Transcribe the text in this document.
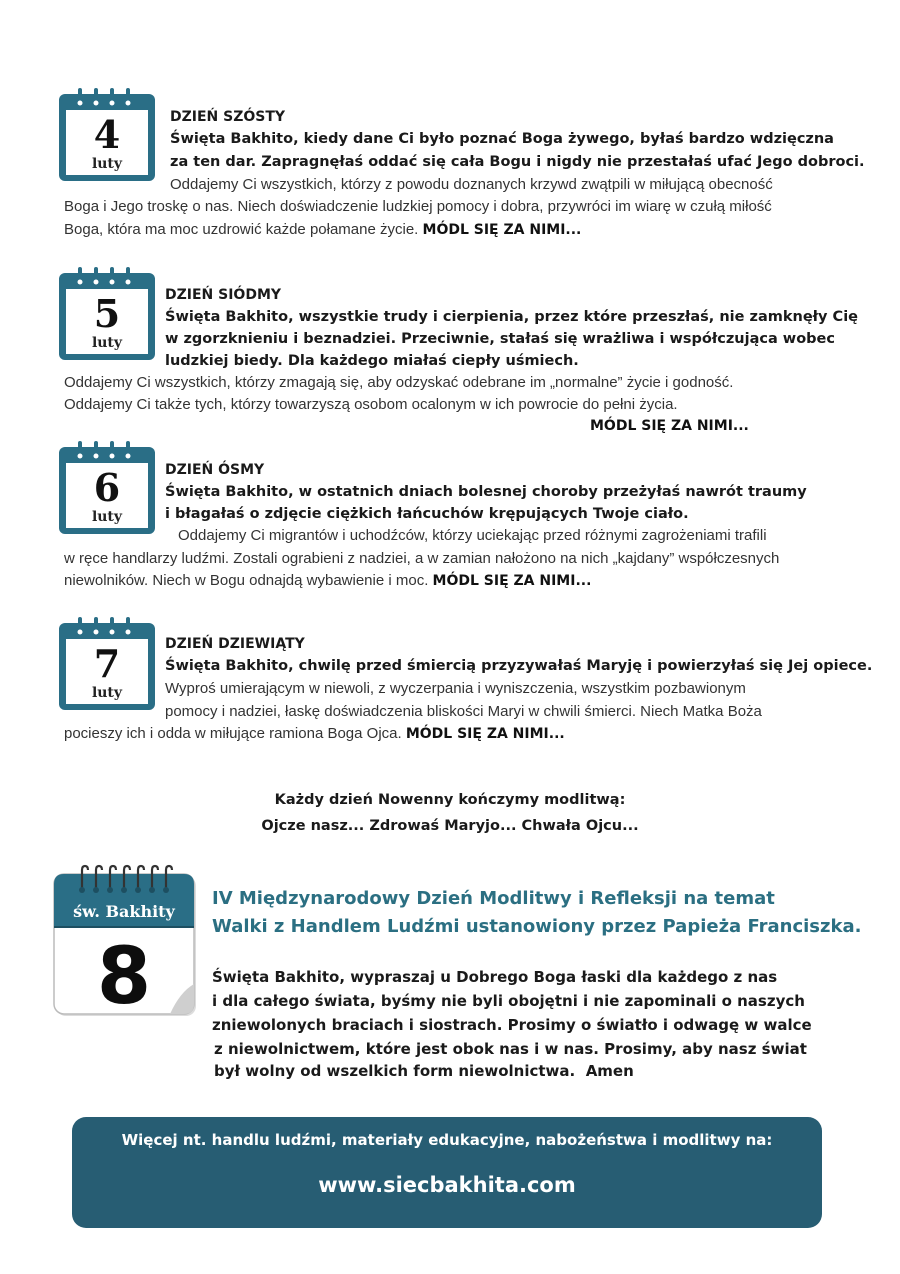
4
luty
DZIEŃ SZÓSTY
Święta Bakhito, kiedy dane Ci było poznać Boga żywego, byłaś bardzo wdzięczna
za ten dar. Zapragnęłaś oddać się cała Bogu i nigdy nie przestałaś ufać Jego dobroci.
Oddajemy Ci wszystkich, którzy z powodu doznanych krzywd zwątpili w miłującą obecność
Boga i Jego troskę o nas. Niech doświadczenie ludzkiej pomocy i dobra, przywróci im wiarę w czułą miłość
Boga, która ma moc uzdrowić każde połamane życie. MÓDL SIĘ ZA NIMI...
5
luty
DZIEŃ SIÓDMY
Święta Bakhito, wszystkie trudy i cierpienia, przez które przeszłaś, nie zamknęły Cię
w zgorzknieniu i beznadziei. Przeciwnie, stałaś się wrażliwa i współczująca wobec
ludzkiej biedy. Dla każdego miałaś ciepły uśmiech.
Oddajemy Ci wszystkich, którzy zmagają się, aby odzyskać odebrane im „normalne” życie i godność.
Oddajemy Ci także tych, którzy towarzyszą osobom ocalonym w ich powrocie do pełni życia.
MÓDL SIĘ ZA NIMI...
6
luty
DZIEŃ ÓSMY
Święta Bakhito, w ostatnich dniach bolesnej choroby przeżyłaś nawrót traumy
i błagałaś o zdjęcie ciężkich łańcuchów krępujących Twoje ciało.
Oddajemy Ci migrantów i uchodźców, którzy uciekając przed różnymi zagrożeniami trafili
w ręce handlarzy ludźmi. Zostali ograbieni z nadziei, a w zamian nałożono na nich „kajdany” współczesnych
niewolników. Niech w Bogu odnajdą wybawienie i moc. MÓDL SIĘ ZA NIMI...
7
luty
DZIEŃ DZIEWIĄTY
Święta Bakhito, chwilę przed śmiercią przyzywałaś Maryję i powierzyłaś się Jej opiece.
Wyproś umierającym w niewoli, z wyczerpania i wyniszczenia, wszystkim pozbawionym
pomocy i nadziei, łaskę doświadczenia bliskości Maryi w chwili śmierci. Niech Matka Boża
pocieszy ich i odda w miłujące ramiona Boga Ojca. MÓDL SIĘ ZA NIMI...
Każdy dzień Nowenny kończymy modlitwą:
Ojcze nasz... Zdrowaś Maryjo... Chwała Ojcu...
św. Bakhity
8
IV Międzynarodowy Dzień Modlitwy i Refleksji na temat
Walki z Handlem Ludźmi ustanowiony przez Papieża Franciszka.
Święta Bakhito, wypraszaj u Dobrego Boga łaski dla każdego z nas
i dla całego świata, byśmy nie byli obojętni i nie zapominali o naszych
zniewolonych braciach i siostrach. Prosimy o światło i odwagę w walce
z niewolnictwem, które jest obok nas i w nas. Prosimy, aby nasz świat
był wolny od wszelkich form niewolnictwa. Amen
Więcej nt. handlu ludźmi, materiały edukacyjne, nabożeństwa i modlitwy na:
www.siecbakhita.com
